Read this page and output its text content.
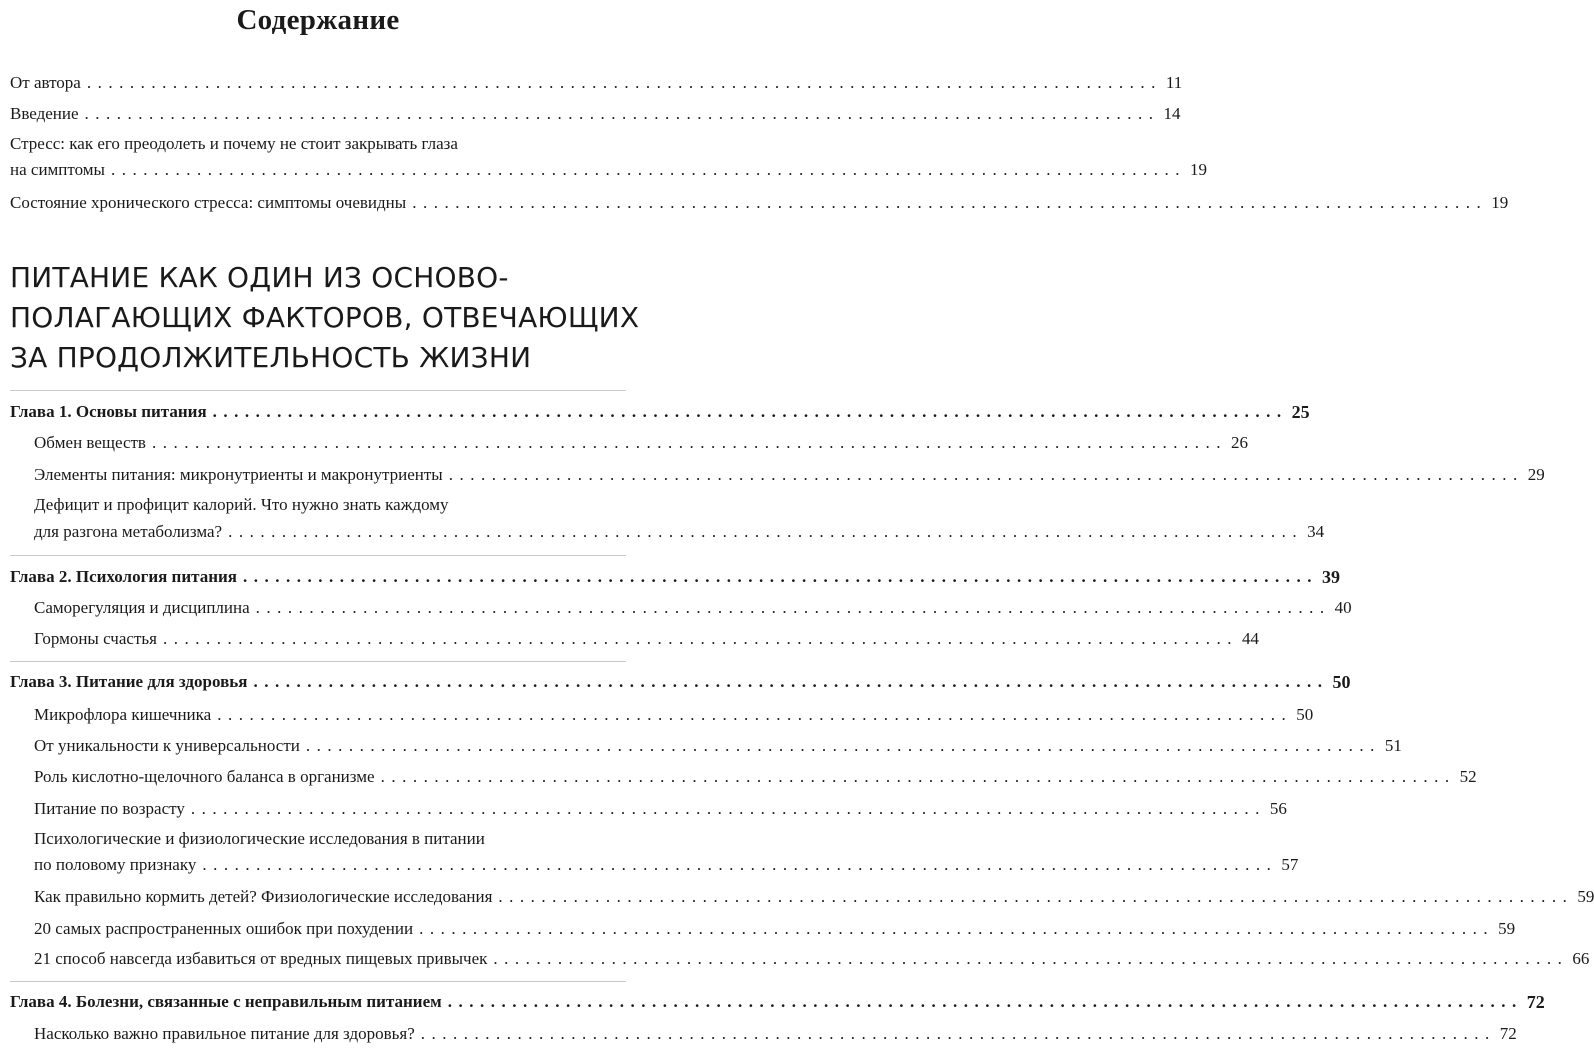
Содержание
От автора .................................................................................................... 11
Введение .................................................................................................... 14
Стресс: как его преодолеть и почему не стоит закрывать глаза
на симптомы .................................................................................................... 19
Состояние хронического стресса: симптомы очевидны .................................................................................................... 19
ПИТАНИЕ КАК ОДИН ИЗ ОСНОВО-
ПОЛАГАЮЩИХ ФАКТОРОВ, ОТВЕЧАЮЩИХ
ЗА ПРОДОЛЖИТЕЛЬНОСТЬ ЖИЗНИ
Глава 1. Основы питания .................................................................................................... 25
Обмен веществ .................................................................................................... 26
Элементы питания: микронутриенты и макронутриенты .................................................................................................... 29
Дефицит и профицит калорий. Что нужно знать каждому
для разгона метаболизма? .................................................................................................... 34
Глава 2. Психология питания .................................................................................................... 39
Саморегуляция и дисциплина .................................................................................................... 40
Гормоны счастья .................................................................................................... 44
Глава 3. Питание для здоровья .................................................................................................... 50
Микрофлора кишечника .................................................................................................... 50
От уникальности к универсальности .................................................................................................... 51
Роль кислотно-щелочного баланса в организме .................................................................................................... 52
Питание по возрасту .................................................................................................... 56
Психологические и физиологические исследования в питании
по половому признаку .................................................................................................... 57
Как правильно кормить детей? Физиологические исследования .................................................................................................... 59
20 самых распространенных ошибок при похудении .................................................................................................... 59
21 способ навсегда избавиться от вредных пищевых привычек .................................................................................................... 66
Глава 4. Болезни, связанные с неправильным питанием .................................................................................................... 72
Насколько важно правильное питание для здоровья? .................................................................................................... 72
